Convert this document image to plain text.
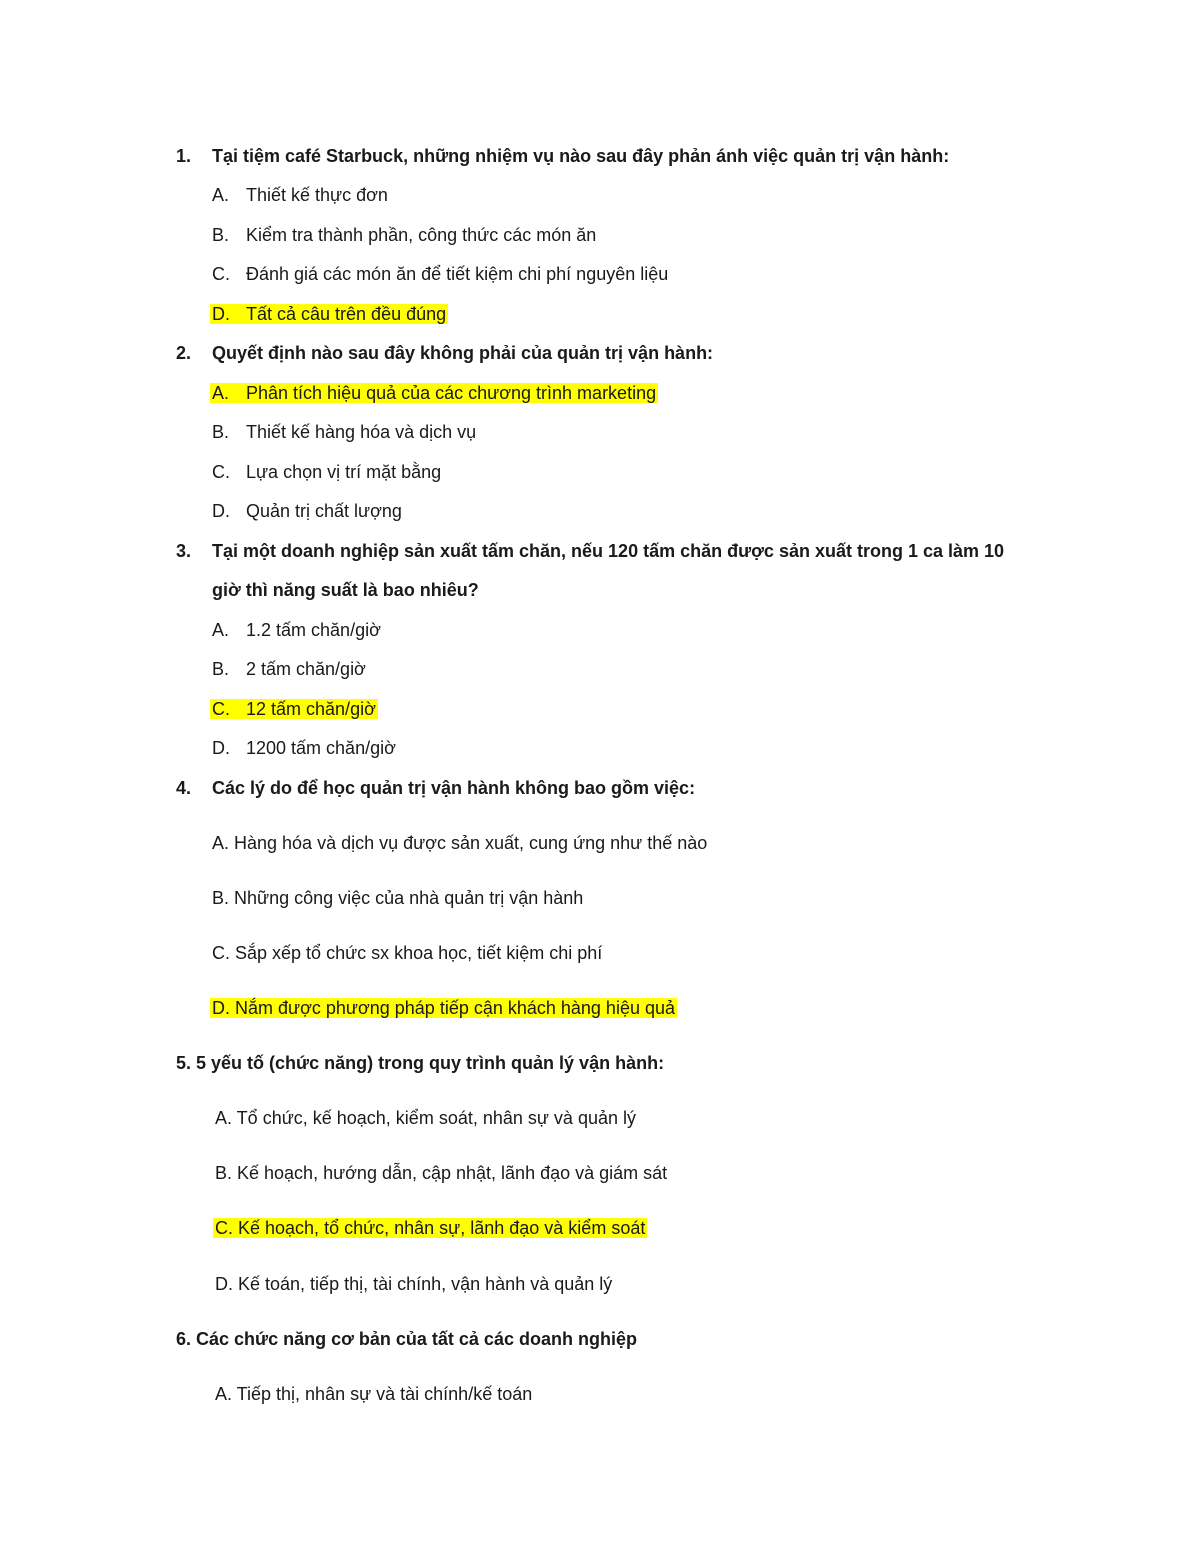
1. Tại tiệm café Starbuck, những nhiệm vụ nào sau đây phản ánh việc quản trị vận hành:
A. Thiết kế thực đơn
B. Kiểm tra thành phần, công thức các món ăn
C. Đánh giá các món ăn để tiết kiệm chi phí nguyên liệu
D. Tất cả câu trên đều đúng
2. Quyết định nào sau đây không phải của quản trị vận hành:
A. Phân tích hiệu quả của các chương trình marketing
B. Thiết kế hàng hóa và dịch vụ
C. Lựa chọn vị trí mặt bằng
D. Quản trị chất lượng
3. Tại một doanh nghiệp sản xuất tấm chăn, nếu 120 tấm chăn được sản xuất trong 1 ca làm 10
giờ thì năng suất là bao nhiêu?
A. 1.2 tấm chăn/giờ
B. 2 tấm chăn/giờ
C. 12 tấm chăn/giờ
D. 1200 tấm chăn/giờ
4. Các lý do để học quản trị vận hành không bao gồm việc:
A. Hàng hóa và dịch vụ được sản xuất, cung ứng như thế nào
B. Những công việc của nhà quản trị vận hành
C. Sắp xếp tổ chức sx khoa học, tiết kiệm chi phí
D. Nắm được phương pháp tiếp cận khách hàng hiệu quả
5. 5 yếu tố (chức năng) trong quy trình quản lý vận hành:
A. Tổ chức, kế hoạch, kiểm soát, nhân sự và quản lý
B. Kế hoạch, hướng dẫn, cập nhật, lãnh đạo và giám sát
C. Kế hoạch, tổ chức, nhân sự, lãnh đạo và kiểm soát
D. Kế toán, tiếp thị, tài chính, vận hành và quản lý
6. Các chức năng cơ bản của tất cả các doanh nghiệp
A. Tiếp thị, nhân sự và tài chính/kế toán
